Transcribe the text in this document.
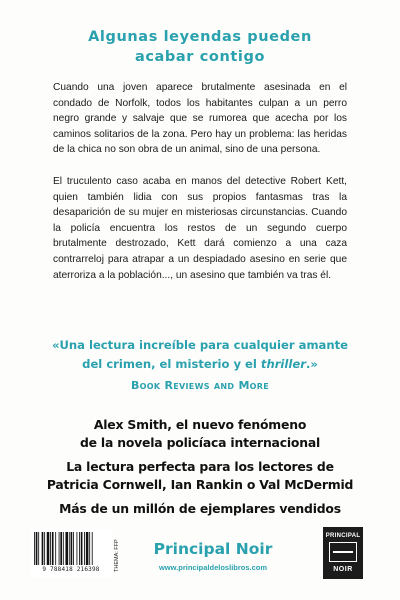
Algunas leyendas pueden
acabar contigo

Cuando una joven aparece brutalmente asesinada en el condado de Norfolk, todos los habitantes culpan a un perro negro grande y salvaje que se rumorea que acecha por los caminos solitarios de la zona. Pero hay un problema: las heridas de la chica no son obra de un animal, sino de una persona.

El truculento caso acaba en manos del detective Robert Kett, quien también lidia con sus propios fantasmas tras la desaparición de su mujer en misteriosas circunstancias. Cuando la policía encuentra los restos de un segundo cuerpo brutalmente destrozado, Kett dará comienzo a una caza contrarreloj para atrapar a un despiadado asesino en serie que aterroriza a la población..., un asesino que también va tras él.

«Una lectura increíble para cualquier amante
del crimen, el misterio y el thriller.»
Book Reviews and More
Alex Smith, el nuevo fenómeno
de la novela policíaca internacional
La lectura perfecta para los lectores de
Patricia Cornwell, Ian Rankin o Val McDermid
Más de un millón de ejemplares vendidos
9 788418 216398	THEMA: FFP	Principal Noir
www.principaldeloslibros.com
PRINCIPAL
NOIR
